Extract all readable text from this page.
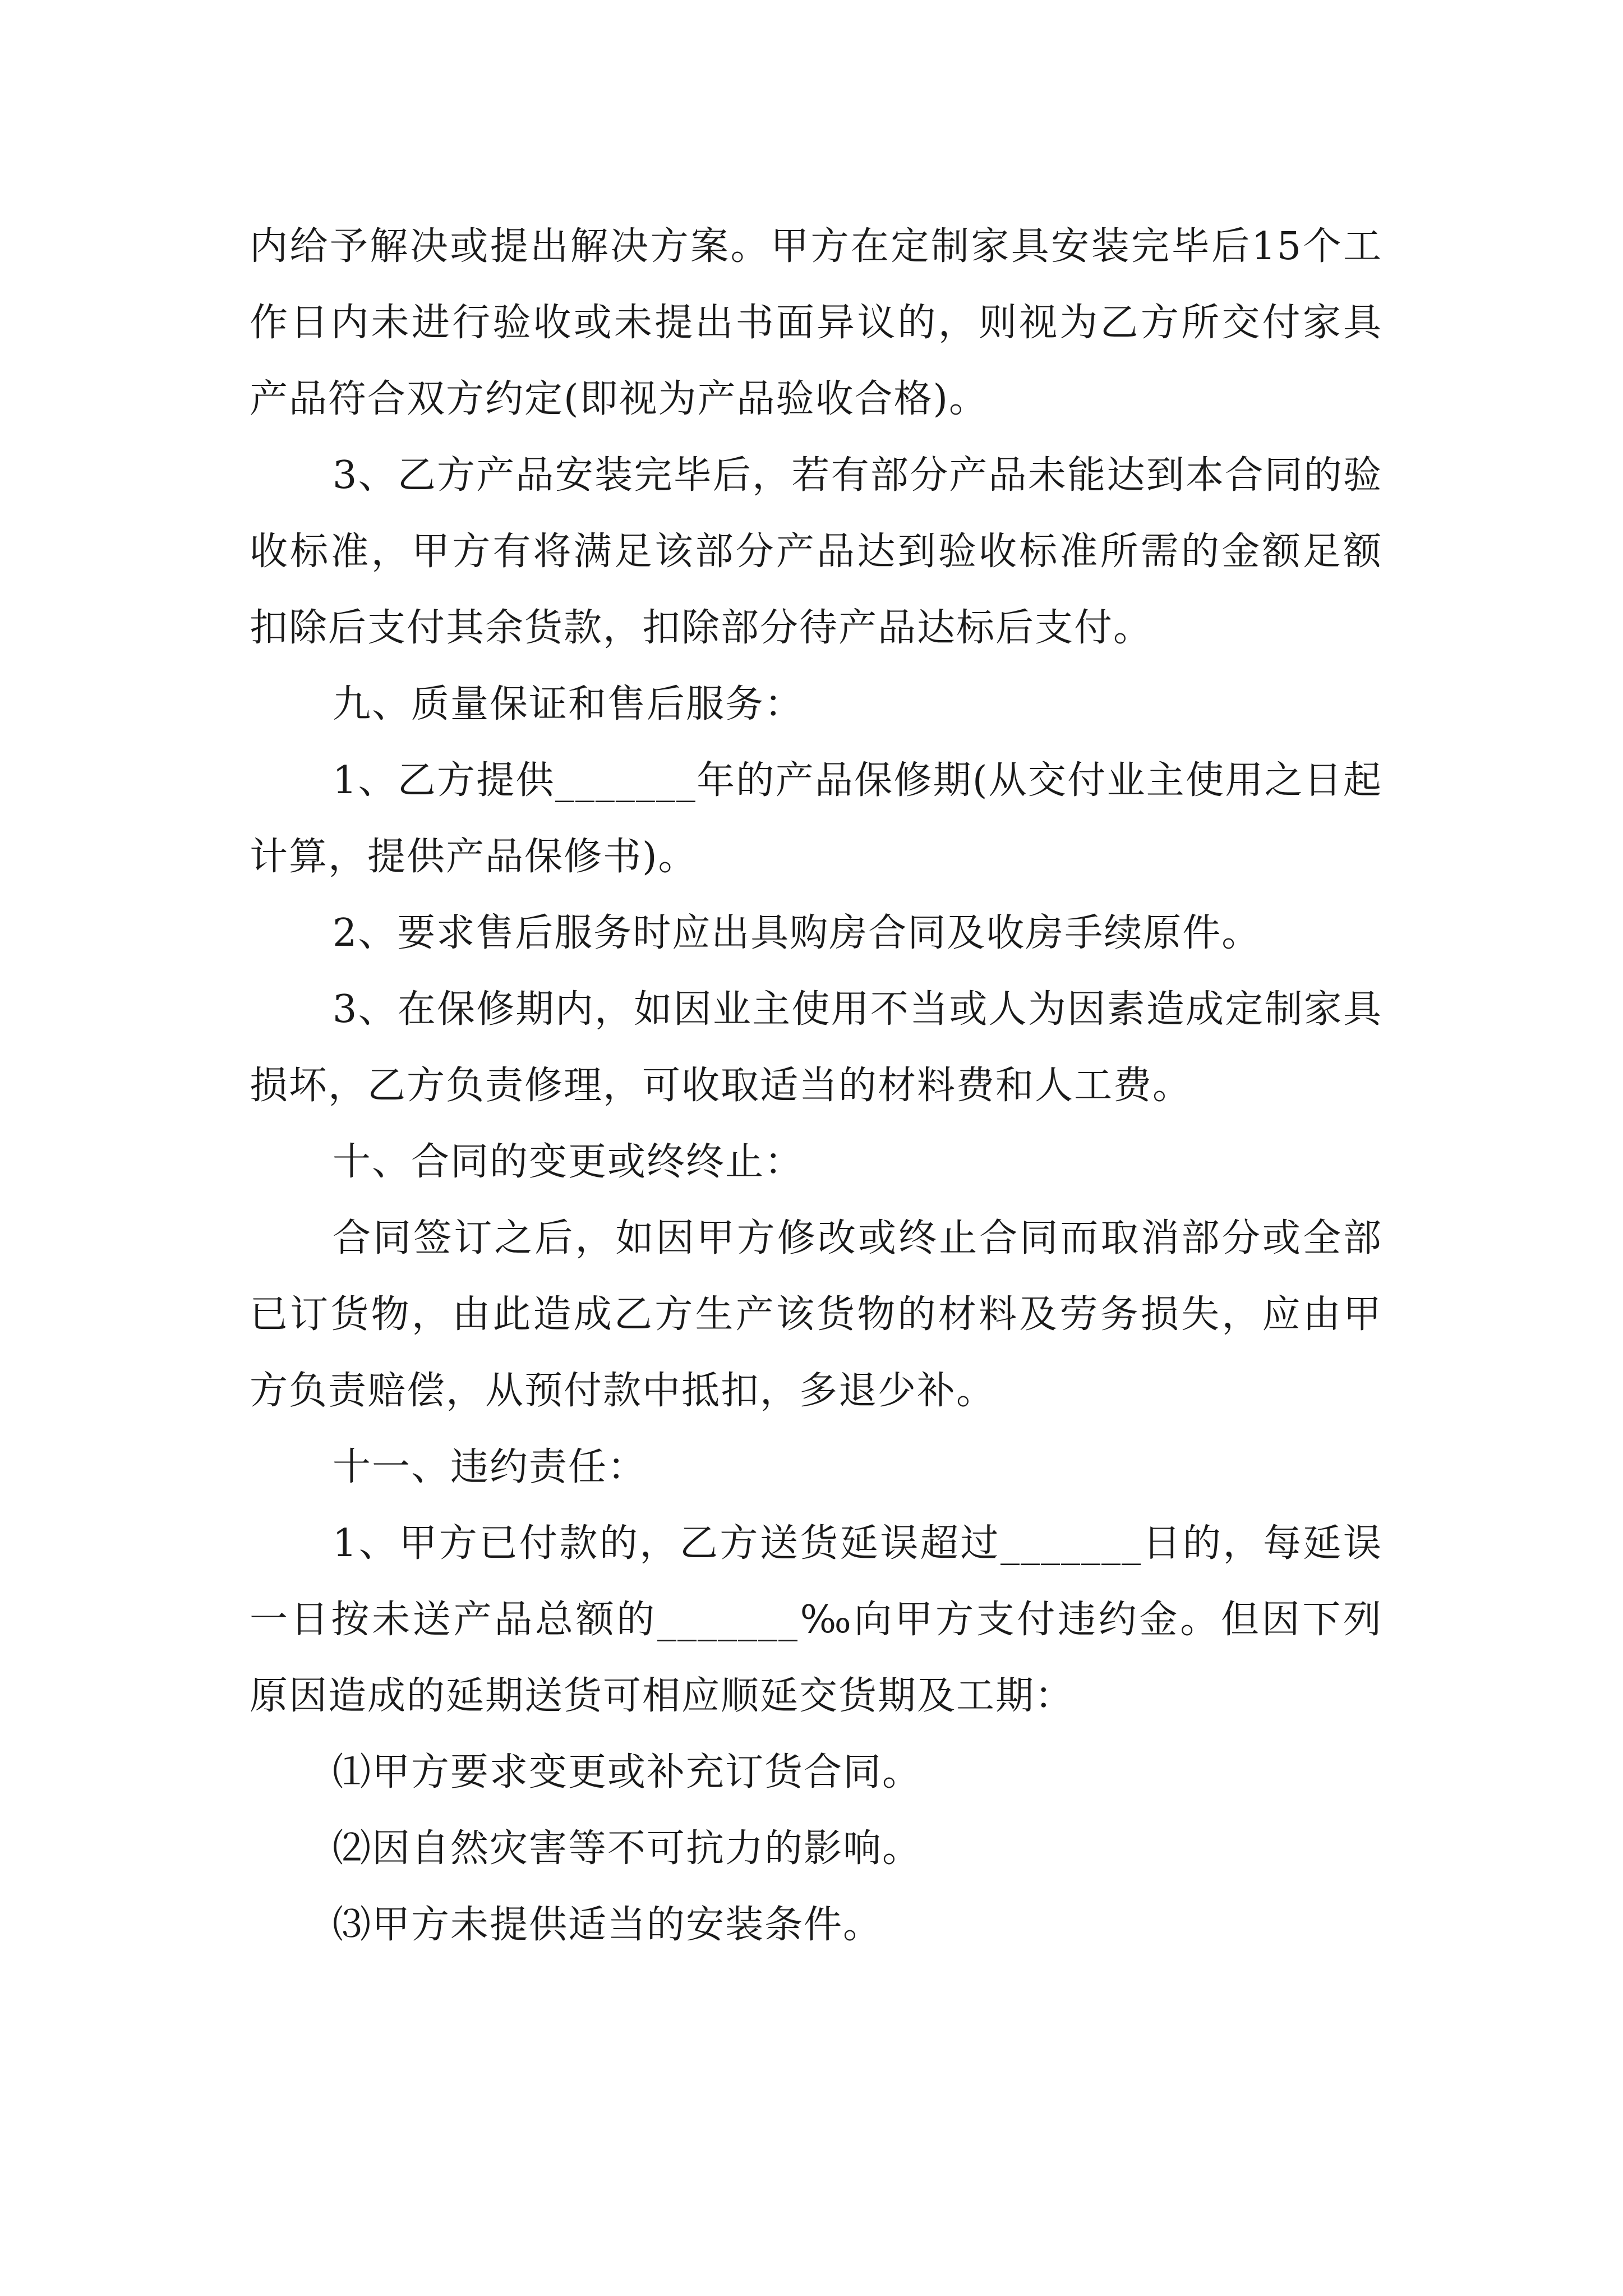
内给予解决或提出解决方案。甲方在定制家具安装完毕后15个工作日内未进行验收或未提出书面异议的，则视为乙方所交付家具产品符合双方约定(即视为产品验收合格)。

3、乙方产品安装完毕后，若有部分产品未能达到本合同的验收标准，甲方有将满足该部分产品达到验收标准所需的金额足额扣除后支付其余货款，扣除部分待产品达标后支付。

九、质量保证和售后服务：

1、乙方提供_______年的产品保修期(从交付业主使用之日起计算，提供产品保修书)。

2、要求售后服务时应出具购房合同及收房手续原件。

3、在保修期内，如因业主使用不当或人为因素造成定制家具损坏，乙方负责修理，可收取适当的材料费和人工费。

十、合同的变更或终终止：

合同签订之后，如因甲方修改或终止合同而取消部分或全部已订货物，由此造成乙方生产该货物的材料及劳务损失，应由甲方负责赔偿，从预付款中抵扣，多退少补。

十一、违约责任：

1、甲方已付款的，乙方送货延误超过_______日的，每延误一日按未送产品总额的_______‰向甲方支付违约金。但因下列原因造成的延期送货可相应顺延交货期及工期：

⑴甲方要求变更或补充订货合同。

⑵因自然灾害等不可抗力的影响。

⑶甲方未提供适当的安装条件。
